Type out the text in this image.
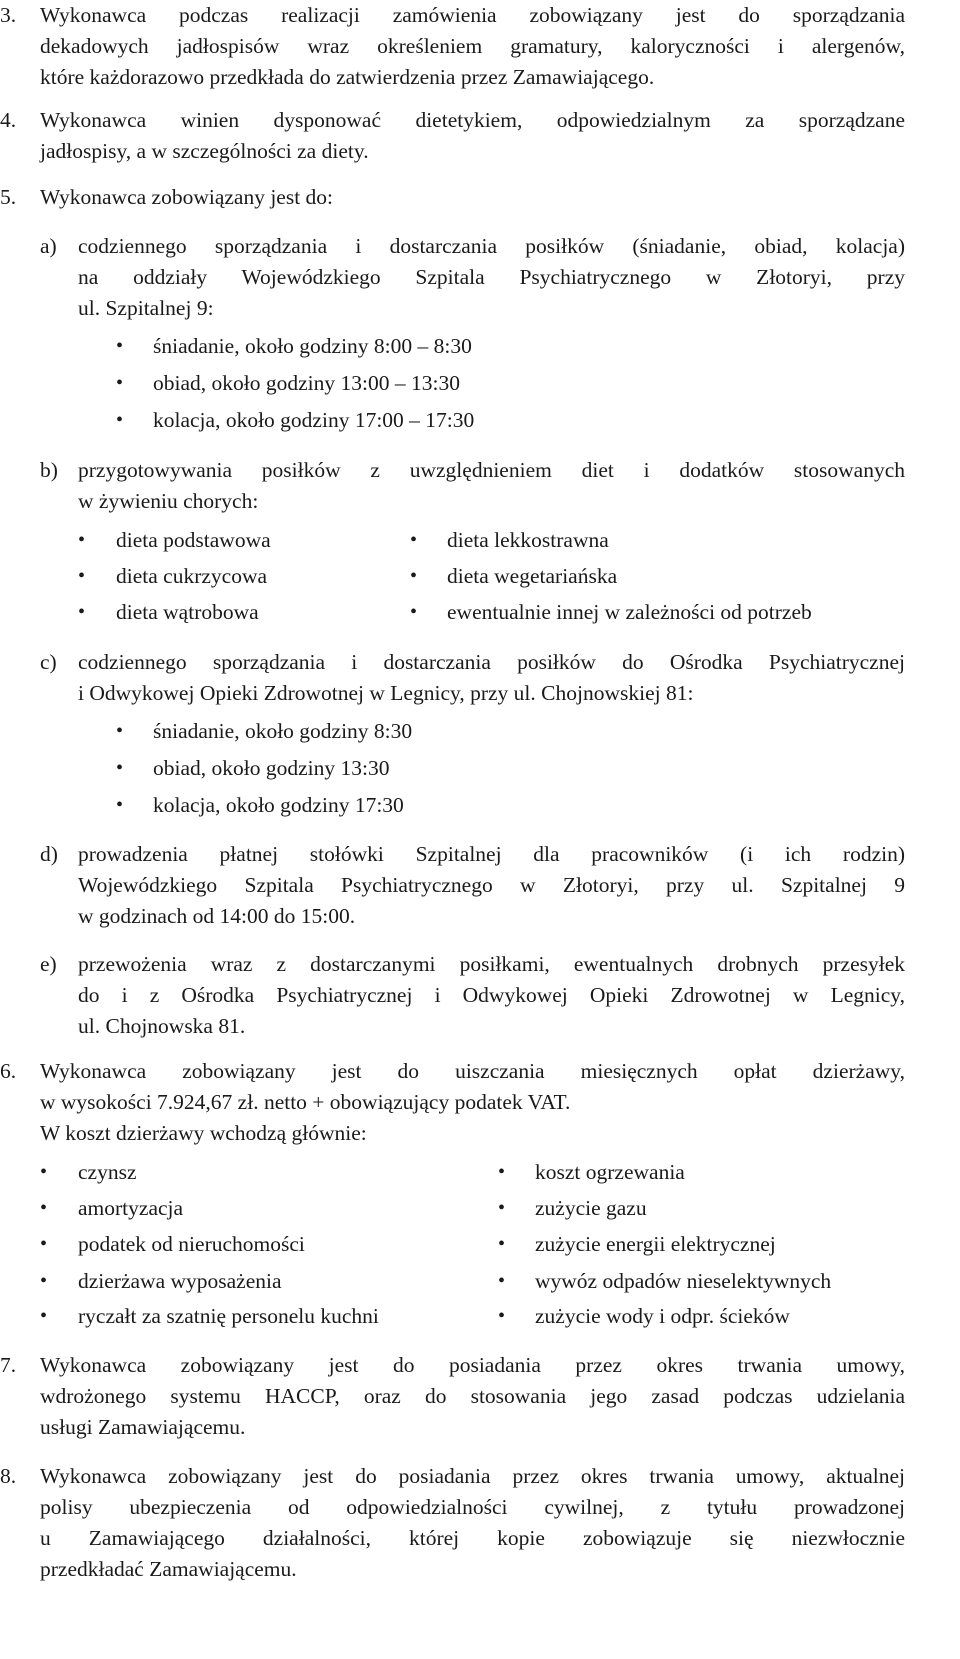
3. Wykonawca podczas realizacji zamówienia zobowiązany jest do sporządzania
dekadowych jadłospisów wraz określeniem gramatury, kaloryczności i alergenów,
które każdorazowo przedkłada do zatwierdzenia przez Zamawiającego.
4. Wykonawca winien dysponować dietetykiem, odpowiedzialnym za sporządzane
jadłospisy, a w szczególności za diety.
5. Wykonawca zobowiązany jest do:
a) codziennego sporządzania i dostarczania posiłków (śniadanie, obiad, kolacja)
na oddziały Wojewódzkiego Szpitala Psychiatrycznego w Złotoryi, przy
ul. Szpitalnej 9:
• śniadanie, około godziny 8:00 – 8:30
• obiad, około godziny 13:00 – 13:30
• kolacja, około godziny 17:00 – 17:30
b) przygotowywania posiłków z uwzględnieniem diet i dodatków stosowanych
w żywieniu chorych:
• dieta podstawowa
• dieta cukrzycowa
• dieta wątrobowa
• dieta lekkostrawna
• dieta wegetariańska
• ewentualnie innej w zależności od potrzeb
c) codziennego sporządzania i dostarczania posiłków do Ośrodka Psychiatrycznej
i Odwykowej Opieki Zdrowotnej w Legnicy, przy ul. Chojnowskiej 81:
• śniadanie, około godziny 8:30
• obiad, około godziny 13:30
• kolacja, około godziny 17:30
d) prowadzenia płatnej stołówki Szpitalnej dla pracowników (i ich rodzin)
Wojewódzkiego Szpitala Psychiatrycznego w Złotoryi, przy ul. Szpitalnej 9
w godzinach od 14:00 do 15:00.
e) przewożenia wraz z dostarczanymi posiłkami, ewentualnych drobnych przesyłek
do i z Ośrodka Psychiatrycznej i Odwykowej Opieki Zdrowotnej w Legnicy,
ul. Chojnowska 81.
6. Wykonawca zobowiązany jest do uiszczania miesięcznych opłat dzierżawy,
w wysokości 7.924,67 zł. netto + obowiązujący podatek VAT.
W koszt dzierżawy wchodzą głównie:
• czynsz
• amortyzacja
• podatek od nieruchomości
• dzierżawa wyposażenia
• ryczałt za szatnię personelu kuchni
• koszt ogrzewania
• zużycie gazu
• zużycie energii elektrycznej
• wywóz odpadów nieselektywnych
• zużycie wody i odpr. ścieków
7. Wykonawca zobowiązany jest do posiadania przez okres trwania umowy,
wdrożonego systemu HACCP, oraz do stosowania jego zasad podczas udzielania
usługi Zamawiającemu.
8. Wykonawca zobowiązany jest do posiadania przez okres trwania umowy, aktualnej
polisy ubezpieczenia od odpowiedzialności cywilnej, z tytułu prowadzonej
u Zamawiającego działalności, której kopie zobowiązuje się niezwłocznie
przedkładać Zamawiającemu.
